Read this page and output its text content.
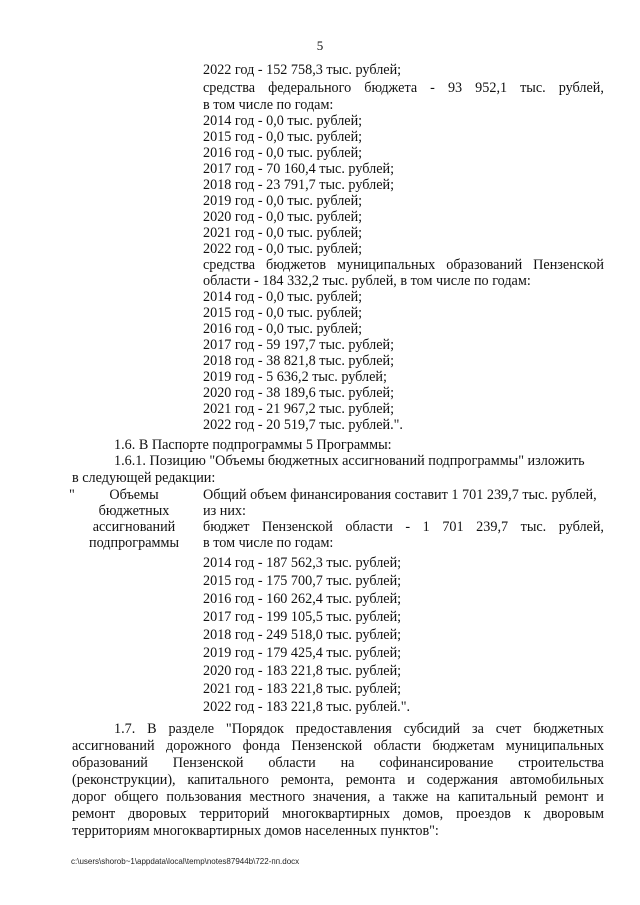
5
2022 год - 152 758,3 тыс. рублей;
средства федерального бюджета - 93 952,1 тыс. рублей,
в том числе по годам:
2014 год - 0,0 тыс. рублей;
2015 год - 0,0 тыс. рублей;
2016 год - 0,0 тыс. рублей;
2017 год - 70 160,4 тыс. рублей;
2018 год - 23 791,7 тыс. рублей;
2019 год - 0,0 тыс. рублей;
2020 год - 0,0 тыс. рублей;
2021 год - 0,0 тыс. рублей;
2022 год - 0,0 тыс. рублей;
средства бюджетов муниципальных образований Пензенской
области - 184 332,2 тыс. рублей, в том числе по годам:
2014 год - 0,0 тыс. рублей;
2015 год - 0,0 тыс. рублей;
2016 год - 0,0 тыс. рублей;
2017 год - 59 197,7 тыс. рублей;
2018 год - 38 821,8 тыс. рублей;
2019 год - 5 636,2 тыс. рублей;
2020 год - 38 189,6 тыс. рублей;
2021 год - 21 967,2 тыс. рублей;
2022 год - 20 519,7 тыс. рублей.".
1.6. В Паспорте подпрограммы 5 Программы:
1.6.1. Позицию "Объемы бюджетных ассигнований подпрограммы" изложить
в следующей редакции:
"	Объемы
бюджетных
ассигнований
подпрограммы
Общий объем финансирования составит 1 701 239,7 тыс. рублей,
из них:
бюджет Пензенской области - 1 701 239,7 тыс. рублей,
в том числе по годам:
2014 год - 187 562,3 тыс. рублей;
2015 год - 175 700,7 тыс. рублей;
2016 год - 160 262,4 тыс. рублей;
2017 год - 199 105,5 тыс. рублей;
2018 год - 249 518,0 тыс. рублей;
2019 год - 179 425,4 тыс. рублей;
2020 год - 183 221,8 тыс. рублей;
2021 год - 183 221,8 тыс. рублей;
2022 год - 183 221,8 тыс. рублей.".
1.7. В разделе "Порядок предоставления субсидий за счет бюджетных
ассигнований дорожного фонда Пензенской области бюджетам муниципальных
образований Пензенской области на софинансирование строительства
(реконструкции), капитального ремонта, ремонта и содержания автомобильных
дорог общего пользования местного значения, а также на капитальный ремонт и
ремонт дворовых территорий многоквартирных домов, проездов к дворовым
территориям многоквартирных домов населенных пунктов":
c:\users\shorob~1\appdata\local\temp\notes87944b\722-пп.docx
